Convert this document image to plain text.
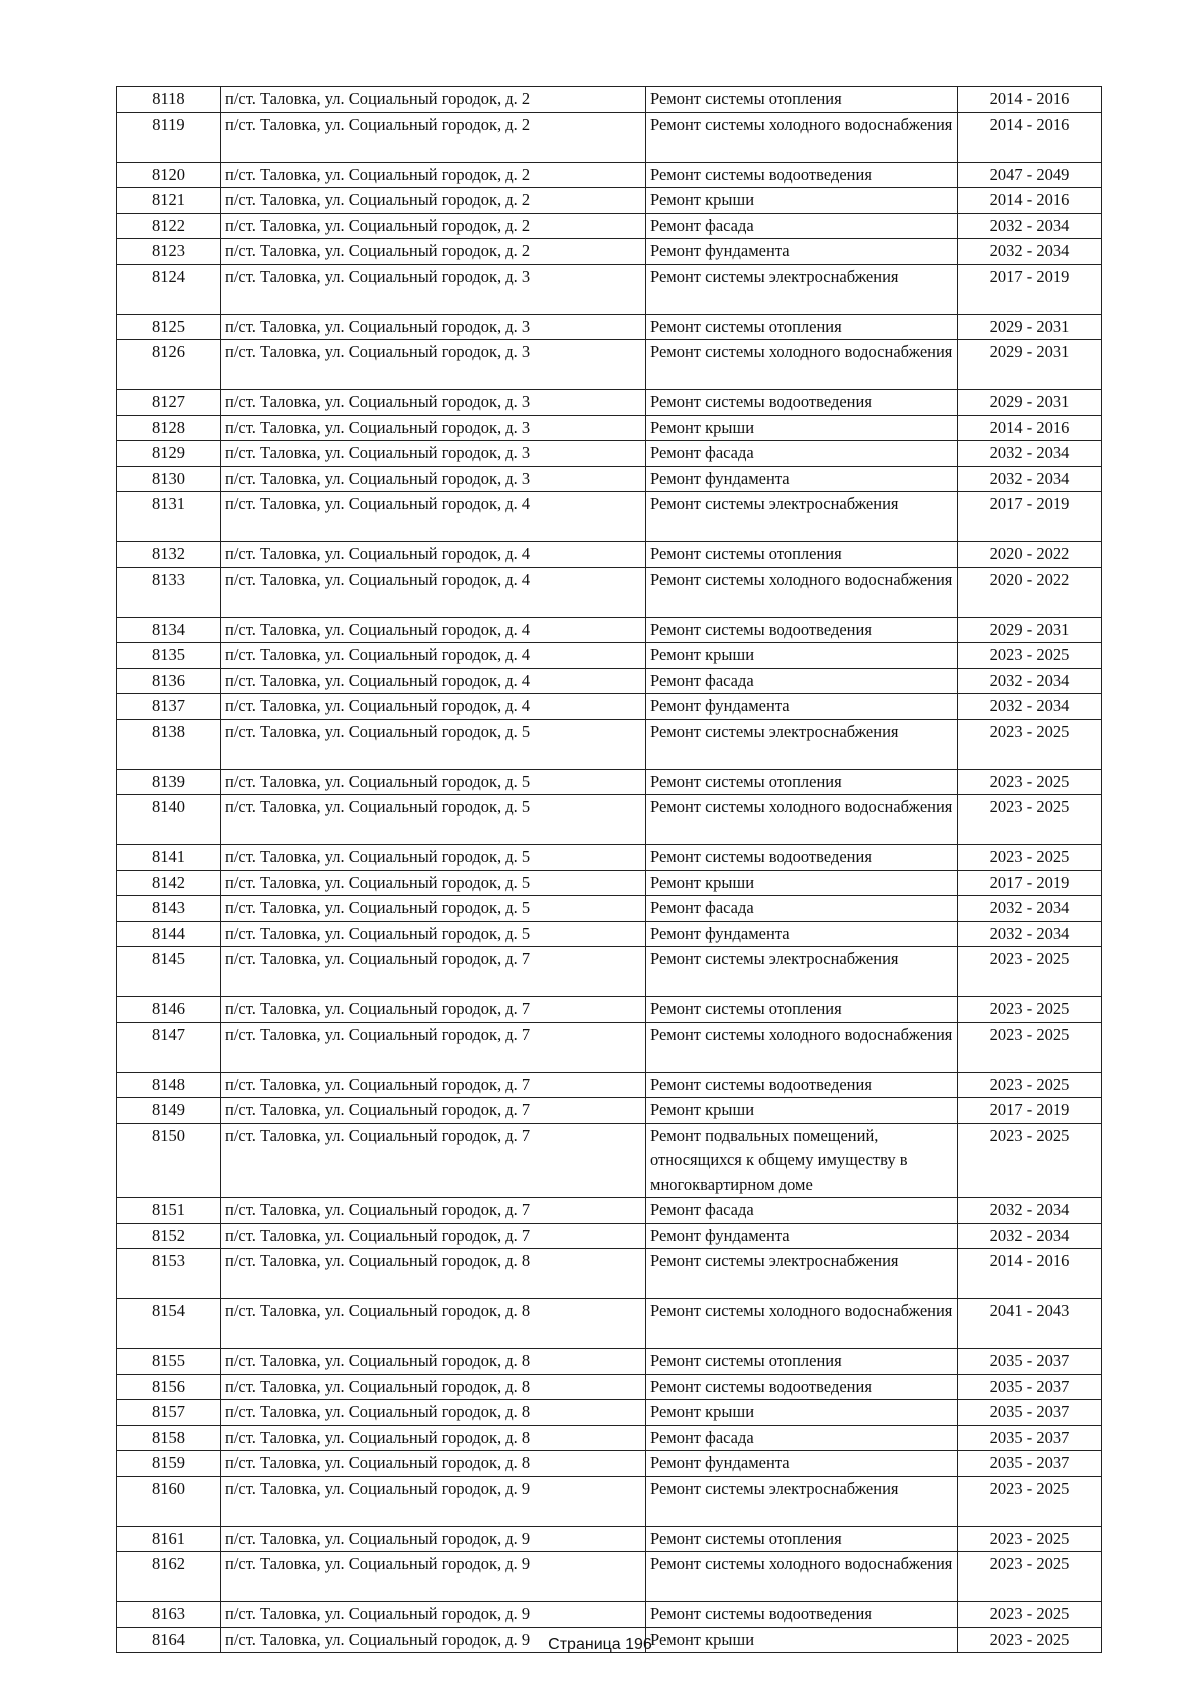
8118	п/ст. Таловка, ул. Социальный городок, д. 2	Ремонт системы отопления	2014 - 2016
8119	п/ст. Таловка, ул. Социальный городок, д. 2	Ремонт системы холодного водоснабжения	2014 - 2016
8120	п/ст. Таловка, ул. Социальный городок, д. 2	Ремонт системы водоотведения	2047 - 2049
8121	п/ст. Таловка, ул. Социальный городок, д. 2	Ремонт крыши	2014 - 2016
8122	п/ст. Таловка, ул. Социальный городок, д. 2	Ремонт фасада	2032 - 2034
8123	п/ст. Таловка, ул. Социальный городок, д. 2	Ремонт фундамента	2032 - 2034
8124	п/ст. Таловка, ул. Социальный городок, д. 3	Ремонт системы электроснабжения	2017 - 2019
8125	п/ст. Таловка, ул. Социальный городок, д. 3	Ремонт системы отопления	2029 - 2031
8126	п/ст. Таловка, ул. Социальный городок, д. 3	Ремонт системы холодного водоснабжения	2029 - 2031
8127	п/ст. Таловка, ул. Социальный городок, д. 3	Ремонт системы водоотведения	2029 - 2031
8128	п/ст. Таловка, ул. Социальный городок, д. 3	Ремонт крыши	2014 - 2016
8129	п/ст. Таловка, ул. Социальный городок, д. 3	Ремонт фасада	2032 - 2034
8130	п/ст. Таловка, ул. Социальный городок, д. 3	Ремонт фундамента	2032 - 2034
8131	п/ст. Таловка, ул. Социальный городок, д. 4	Ремонт системы электроснабжения	2017 - 2019
8132	п/ст. Таловка, ул. Социальный городок, д. 4	Ремонт системы отопления	2020 - 2022
8133	п/ст. Таловка, ул. Социальный городок, д. 4	Ремонт системы холодного водоснабжения	2020 - 2022
8134	п/ст. Таловка, ул. Социальный городок, д. 4	Ремонт системы водоотведения	2029 - 2031
8135	п/ст. Таловка, ул. Социальный городок, д. 4	Ремонт крыши	2023 - 2025
8136	п/ст. Таловка, ул. Социальный городок, д. 4	Ремонт фасада	2032 - 2034
8137	п/ст. Таловка, ул. Социальный городок, д. 4	Ремонт фундамента	2032 - 2034
8138	п/ст. Таловка, ул. Социальный городок, д. 5	Ремонт системы электроснабжения	2023 - 2025
8139	п/ст. Таловка, ул. Социальный городок, д. 5	Ремонт системы отопления	2023 - 2025
8140	п/ст. Таловка, ул. Социальный городок, д. 5	Ремонт системы холодного водоснабжения	2023 - 2025
8141	п/ст. Таловка, ул. Социальный городок, д. 5	Ремонт системы водоотведения	2023 - 2025
8142	п/ст. Таловка, ул. Социальный городок, д. 5	Ремонт крыши	2017 - 2019
8143	п/ст. Таловка, ул. Социальный городок, д. 5	Ремонт фасада	2032 - 2034
8144	п/ст. Таловка, ул. Социальный городок, д. 5	Ремонт фундамента	2032 - 2034
8145	п/ст. Таловка, ул. Социальный городок, д. 7	Ремонт системы электроснабжения	2023 - 2025
8146	п/ст. Таловка, ул. Социальный городок, д. 7	Ремонт системы отопления	2023 - 2025
8147	п/ст. Таловка, ул. Социальный городок, д. 7	Ремонт системы холодного водоснабжения	2023 - 2025
8148	п/ст. Таловка, ул. Социальный городок, д. 7	Ремонт системы водоотведения	2023 - 2025
8149	п/ст. Таловка, ул. Социальный городок, д. 7	Ремонт крыши	2017 - 2019
8150	п/ст. Таловка, ул. Социальный городок, д. 7	Ремонт подвальных помещений, относящихся к общему имуществу в многоквартирном доме	2023 - 2025
8151	п/ст. Таловка, ул. Социальный городок, д. 7	Ремонт фасада	2032 - 2034
8152	п/ст. Таловка, ул. Социальный городок, д. 7	Ремонт фундамента	2032 - 2034
8153	п/ст. Таловка, ул. Социальный городок, д. 8	Ремонт системы электроснабжения	2014 - 2016
8154	п/ст. Таловка, ул. Социальный городок, д. 8	Ремонт системы холодного водоснабжения	2041 - 2043
8155	п/ст. Таловка, ул. Социальный городок, д. 8	Ремонт системы отопления	2035 - 2037
8156	п/ст. Таловка, ул. Социальный городок, д. 8	Ремонт системы водоотведения	2035 - 2037
8157	п/ст. Таловка, ул. Социальный городок, д. 8	Ремонт крыши	2035 - 2037
8158	п/ст. Таловка, ул. Социальный городок, д. 8	Ремонт фасада	2035 - 2037
8159	п/ст. Таловка, ул. Социальный городок, д. 8	Ремонт фундамента	2035 - 2037
8160	п/ст. Таловка, ул. Социальный городок, д. 9	Ремонт системы электроснабжения	2023 - 2025
8161	п/ст. Таловка, ул. Социальный городок, д. 9	Ремонт системы отопления	2023 - 2025
8162	п/ст. Таловка, ул. Социальный городок, д. 9	Ремонт системы холодного водоснабжения	2023 - 2025
8163	п/ст. Таловка, ул. Социальный городок, д. 9	Ремонт системы водоотведения	2023 - 2025
8164	п/ст. Таловка, ул. Социальный городок, д. 9	Ремонт крыши	2023 - 2025
Страница 196
